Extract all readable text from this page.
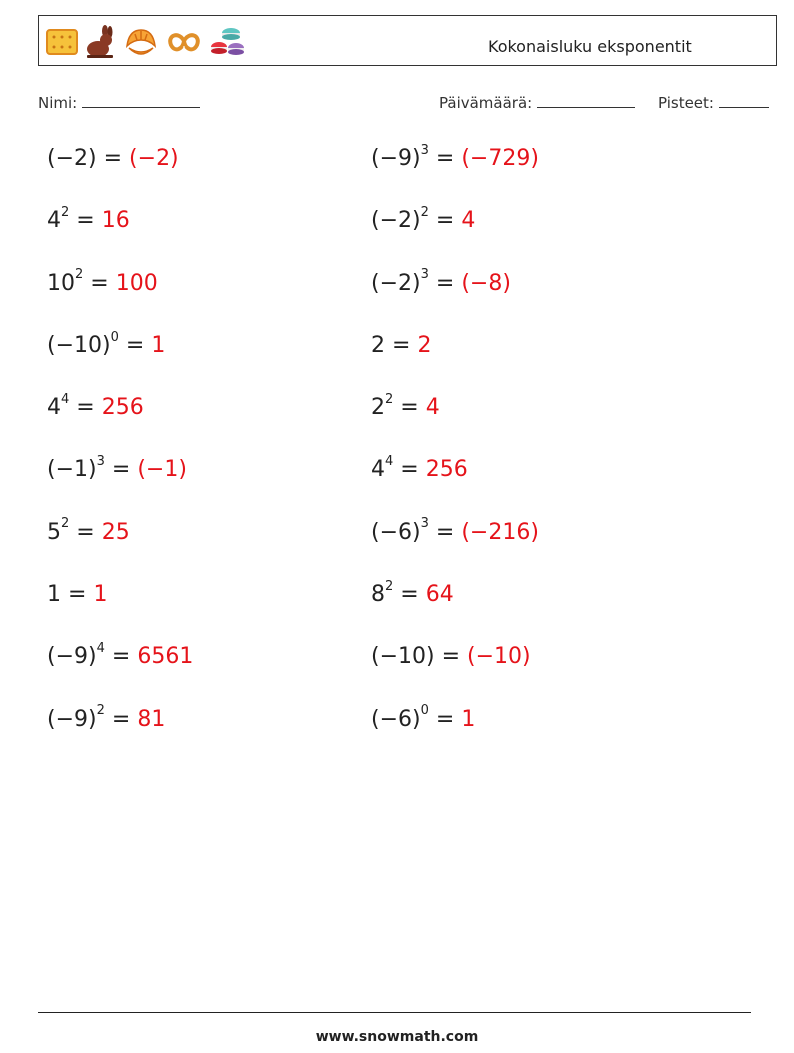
Kokonaisluku eksponentit
Nimi:	Päivämäärä:	Pisteet:
(−2) = (−2)
$4^2 = 16$
$10^2 = 100$
$(-10)^0 = 1$
$4^4 = 256$
$(-1)^3 = (-1)$
$5^2 = 25$
1 = 1
$(-9)^4 = 6561$
$(-9)^2 = 81$
$(-9)^3 = (-729)$
$(-2)^2 = 4$
$(-2)^3 = (-8)$
2 = 2
$2^2 = 4$
$4^4 = 256$
$(-6)^3 = (-216)$
$8^2 = 64$
(−10) = (−10)
$(-6)^0 = 1$
www.snowmath.com
